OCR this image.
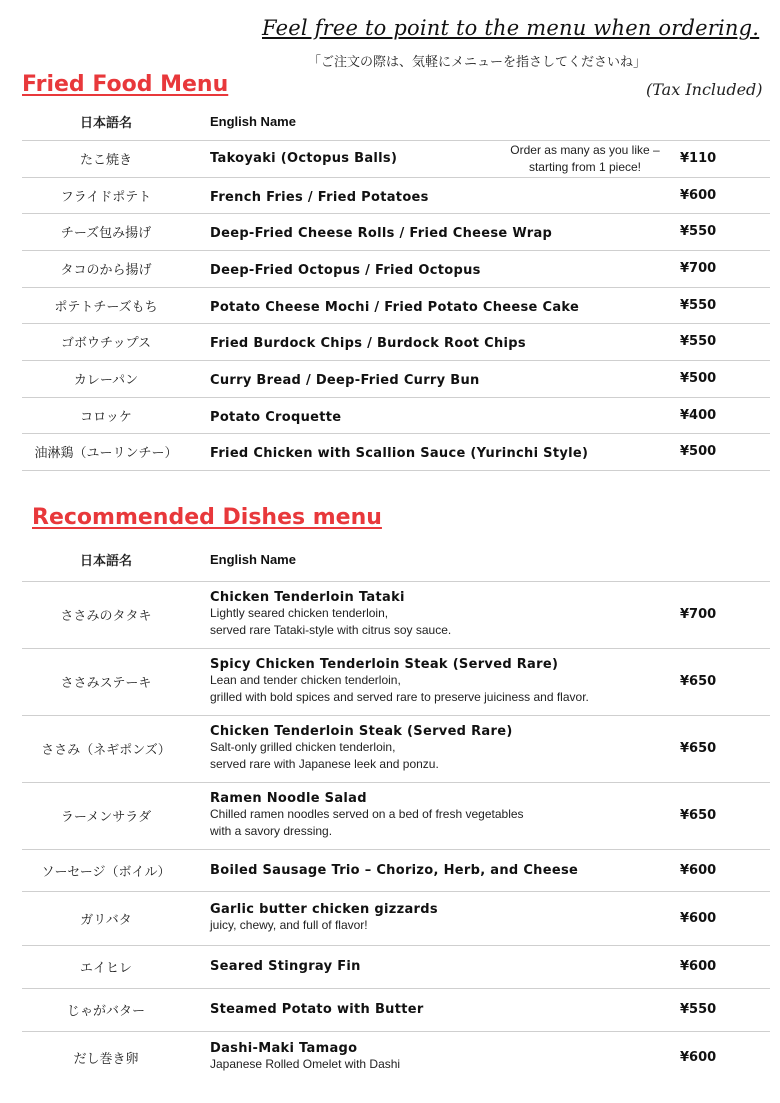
Feel free to point to the menu when ordering.
「ご注文の際は、気軽にメニューを指さしてくださいね」
(Tax Included)
Fried Food Menu
日本語名	English Name	
たこ焼き	Takoyaki (Octopus Balls)
Order as many as you like – starting from 1 piece!	¥110
フライドポテト	French Fries / Fried Potatoes	¥600
チーズ包み揚げ	Deep-Fried Cheese Rolls / Fried Cheese Wrap	¥550
タコのから揚げ	Deep-Fried Octopus / Fried Octopus	¥700
ポテトチーズもち	Potato Cheese Mochi / Fried Potato Cheese Cake	¥550
ゴボウチップス	Fried Burdock Chips / Burdock Root Chips	¥550
カレーパン	Curry Bread / Deep-Fried Curry Bun	¥500
コロッケ	Potato Croquette	¥400
油淋鶏（ユーリンチー）	Fried Chicken with Scallion Sauce (Yurinchi Style)	¥500
Recommended Dishes menu
日本語名	English Name	
ささみのタタキ	Chicken Tenderloin Tataki
Lightly seared chicken tenderloin,
served rare Tataki-style with citrus soy sauce.	¥700
ささみステーキ	Spicy Chicken Tenderloin Steak (Served Rare)
Lean and tender chicken tenderloin,
grilled with bold spices and served rare to preserve juiciness and flavor.	¥650
ささみ（ネギポンズ）	Chicken Tenderloin Steak (Served Rare)
Salt-only grilled chicken tenderloin,
served rare with Japanese leek and ponzu.	¥650
ラーメンサラダ	Ramen Noodle Salad
Chilled ramen noodles served on a bed of fresh vegetables
with a savory dressing.	¥650
ソーセージ（ボイル）	Boiled Sausage Trio – Chorizo, Herb, and Cheese	¥600
ガリバタ	Garlic butter chicken gizzards
juicy, chewy, and full of flavor!	¥600
エイヒレ	Seared Stingray Fin	¥600
じゃがバター	Steamed Potato with Butter	¥550
だし巻き卵	Dashi-Maki Tamago
Japanese Rolled Omelet with Dashi	¥600
